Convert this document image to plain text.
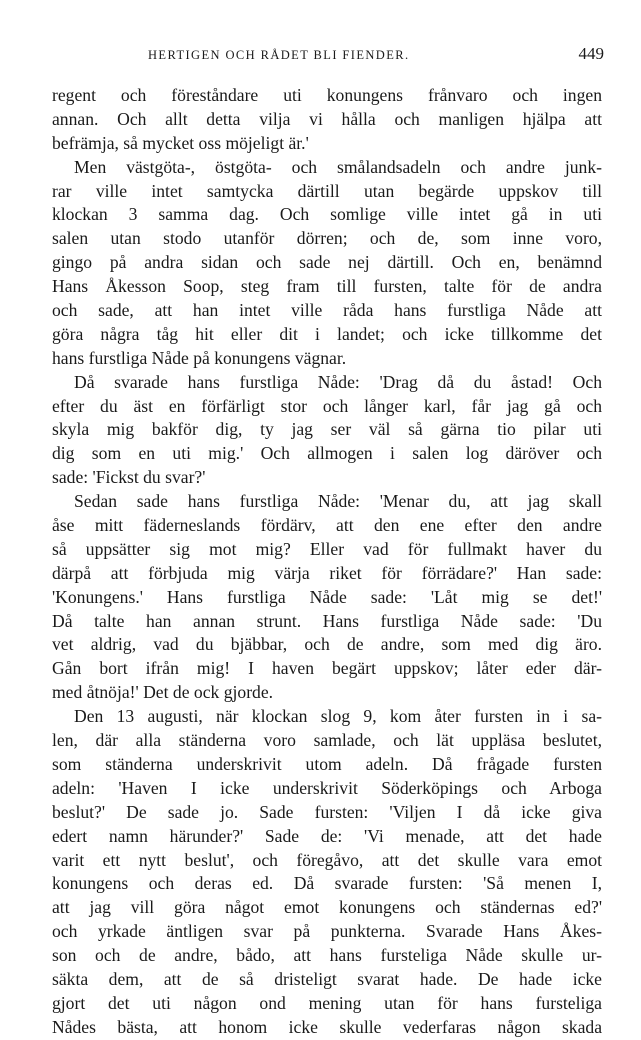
HERTIGEN OCH RÅDET BLI FIENDER.	449
regent och föreståndare uti konungens frånvaro och ingen
annan. Och allt detta vilja vi hålla och manligen hjälpa att
befrämja, så mycket oss möjeligt är.'
Men västgöta-, östgöta- och smålandsadeln och andre junk-
rar ville intet samtycka därtill utan begärde uppskov till
klockan 3 samma dag. Och somlige ville intet gå in uti
salen utan stodo utanför dörren; och de, som inne voro,
gingo på andra sidan och sade nej därtill. Och en, benämnd
Hans Åkesson Soop, steg fram till fursten, talte för de andra
och sade, att han intet ville råda hans furstliga Nåde att
göra några tåg hit eller dit i landet; och icke tillkomme det
hans furstliga Nåde på konungens vägnar.
Då svarade hans furstliga Nåde: 'Drag då du åstad! Och
efter du äst en förfärligt stor och långer karl, får jag gå och
skyla mig bakför dig, ty jag ser väl så gärna tio pilar uti
dig som en uti mig.' Och allmogen i salen log däröver och
sade: 'Fickst du svar?'
Sedan sade hans furstliga Nåde: 'Menar du, att jag skall
åse mitt fäderneslands fördärv, att den ene efter den andre
så uppsätter sig mot mig? Eller vad för fullmakt haver du
därpå att förbjuda mig värja riket för förrädare?' Han sade:
'Konungens.' Hans furstliga Nåde sade: 'Låt mig se det!'
Då talte han annan strunt. Hans furstliga Nåde sade: 'Du
vet aldrig, vad du bjäbbar, och de andre, som med dig äro.
Gån bort ifrån mig! I haven begärt uppskov; låter eder där-
med åtnöja!' Det de ock gjorde.
Den 13 augusti, när klockan slog 9, kom åter fursten in i sa-
len, där alla ständerna voro samlade, och lät uppläsa beslutet,
som ständerna underskrivit utom adeln. Då frågade fursten
adeln: 'Haven I icke underskrivit Söderköpings och Arboga
beslut?' De sade jo. Sade fursten: 'Viljen I då icke giva
edert namn härunder?' Sade de: 'Vi menade, att det hade
varit ett nytt beslut', och föregåvo, att det skulle vara emot
konungens och deras ed. Då svarade fursten: 'Så menen I,
att jag vill göra något emot konungens och ständernas ed?'
och yrkade äntligen svar på punkterna. Svarade Hans Åkes-
son och de andre, bådo, att hans fursteliga Nåde skulle ur-
säkta dem, att de så dristeligt svarat hade. De hade icke
gjort det uti någon ond mening utan för hans fursteliga
Nådes bästa, att honom icke skulle vederfaras någon skada
